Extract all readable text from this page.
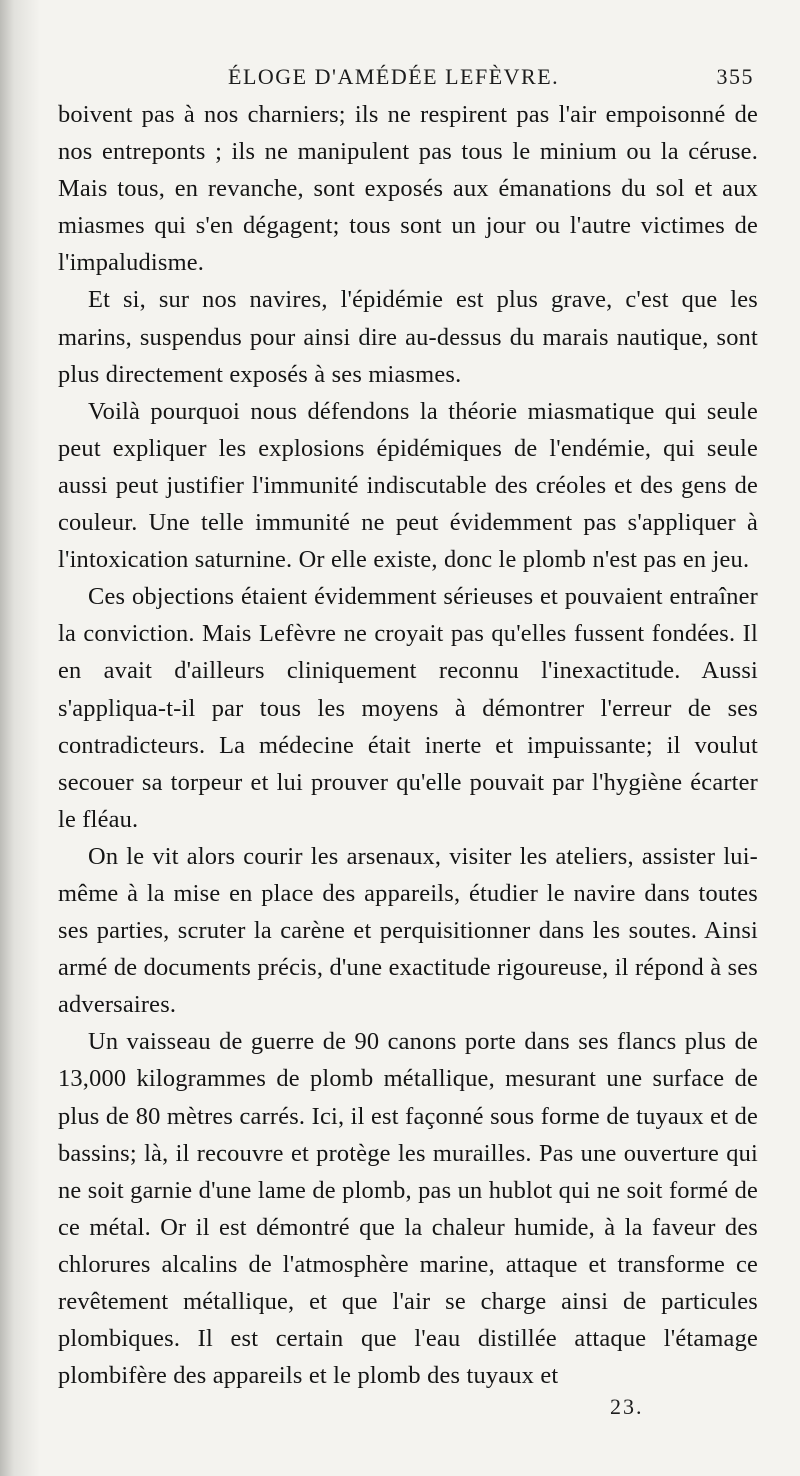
ÉLOGE D'AMÉDÉE LEFÈVRE.	355

boivent pas à nos charniers; ils ne respirent pas l'air empoisonné de nos entreponts ; ils ne manipulent pas tous le minium ou la céruse. Mais tous, en revanche, sont exposés aux émanations du sol et aux miasmes qui s'en dégagent; tous sont un jour ou l'autre victimes de l'impaludisme.

Et si, sur nos navires, l'épidémie est plus grave, c'est que les marins, suspendus pour ainsi dire au-dessus du marais nautique, sont plus directement exposés à ses miasmes.

Voilà pourquoi nous défendons la théorie miasmatique qui seule peut expliquer les explosions épidémiques de l'endémie, qui seule aussi peut justifier l'immunité indiscutable des créoles et des gens de couleur. Une telle immunité ne peut évidemment pas s'appliquer à l'intoxication saturnine. Or elle existe, donc le plomb n'est pas en jeu.

Ces objections étaient évidemment sérieuses et pouvaient entraîner la conviction. Mais Lefèvre ne croyait pas qu'elles fussent fondées. Il en avait d'ailleurs cliniquement reconnu l'inexactitude. Aussi s'appliqua-t-il par tous les moyens à démontrer l'erreur de ses contradicteurs. La médecine était inerte et impuissante; il voulut secouer sa torpeur et lui prouver qu'elle pouvait par l'hygiène écarter le fléau.

On le vit alors courir les arsenaux, visiter les ateliers, assister lui-même à la mise en place des appareils, étudier le navire dans toutes ses parties, scruter la carène et perquisitionner dans les soutes. Ainsi armé de documents précis, d'une exactitude rigoureuse, il répond à ses adversaires.

Un vaisseau de guerre de 90 canons porte dans ses flancs plus de 13,000 kilogrammes de plomb métallique, mesurant une surface de plus de 80 mètres carrés. Ici, il est façonné sous forme de tuyaux et de bassins; là, il recouvre et protège les murailles. Pas une ouverture qui ne soit garnie d'une lame de plomb, pas un hublot qui ne soit formé de ce métal. Or il est démontré que la chaleur humide, à la faveur des chlorures alcalins de l'atmosphère marine, attaque et transforme ce revêtement métallique, et que l'air se charge ainsi de particules plombiques. Il est certain que l'eau distillée attaque l'étamage plombifère des appareils et le plomb des tuyaux et

23.
